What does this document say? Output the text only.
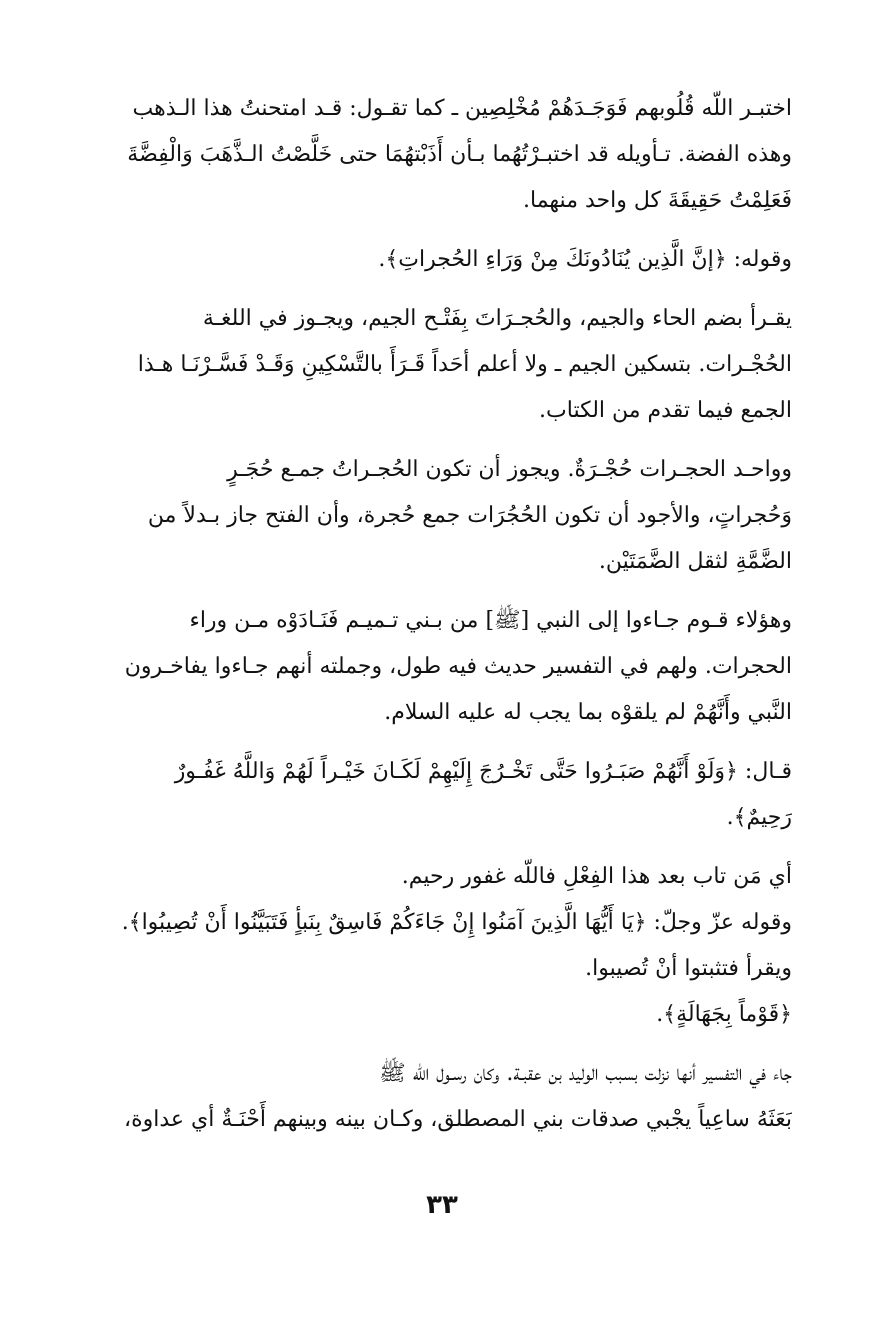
اختبـر اللّه قُلُوبهم فَوَجَـدَهُمْ مُخْلِصِين ـ كما تقـول: قـد امتحنتُ هذا الـذهب
وهذه الفضة. تـأويله قد اختبـرْتُهُما بـأن أَذَبْتهُمَا حتى خَلَّصْتُ الـذَّهَبَ وَالْفِضَّةَ
فَعَلِمْتُ حَقِيقَةَ كل واحد منهما.
وقوله: ﴿إنَّ الَّذِين يُنَادُونَكَ مِنْ وَرَاءِ الحُجراتِ﴾.
يقـرأ بضم الحاء والجيم، والحُجـرَاتَ بِفَتْـح الجيم، ويجـوز في اللغـة
الحُجْـرات. بتسكين الجيم ـ ولا أعلم أحَداً قَـرَأَ بالتَّسْكِينِ وَقَـدْ فَسَّـرْنَـا هـذا
الجمع فيما تقدم من الكتاب.
وواحـد الحجـرات حُجْـرَةٌ. ويجوز أن تكون الحُجـراتُ جمـع حُجَـرٍ
وَحُجراتٍ، والأجود أن تكون الحُجُرَات جمع حُجرة، وأن الفتح جاز بـدلاً من
الضَّمَّةِ لثقل الضَّمَتَيْن.
وهؤلاء قـوم جـاءوا إلى النبي [ﷺ] من بـني تـميـم فَنَـادَوْه مـن وراء
الحجرات. ولهم في التفسير حديث فيه طول، وجملته أنهم جـاءوا يفاخـرون
النَّبي وأَنَّهُمْ لم يلقوْه بما يجب له عليه السلام.
قـال: ﴿وَلَوْ أَنَّهُمْ صَبَـرُوا حَتَّى تَخْـرُجَ إِلَيْهِمْ لَكَـانَ خَيْـراً لَهُمْ وَاللَّهُ غَفُـورٌ
رَحِيمٌ﴾.
أي مَن تاب بعد هذا الفِعْلِ فاللّه غفور رحيم.
وقوله عزّ وجلّ: ﴿يَا أَيُّهَا الَّذِينَ آمَنُوا إِنْ جَاءَكُمْ فَاسِقٌ بِنَبأٍ فَتَبَيَّنُوا أَنْ تُصِيبُوا﴾.
ويقرأ فتثبتوا أنْ تُصيبوا.
﴿قَوْماً بِجَهَالَةٍ﴾.
جاء في التفسير أنها نزلت بسبب الوليد بن عقبـة. وكان رسـول اللّه ﷺ
بَعَثَهُ ساعِياً يجْبي صدقات بني المصطلق، وكـان بينه وبينهم أَحْنَـةٌ أي عداوة،
٣٣
